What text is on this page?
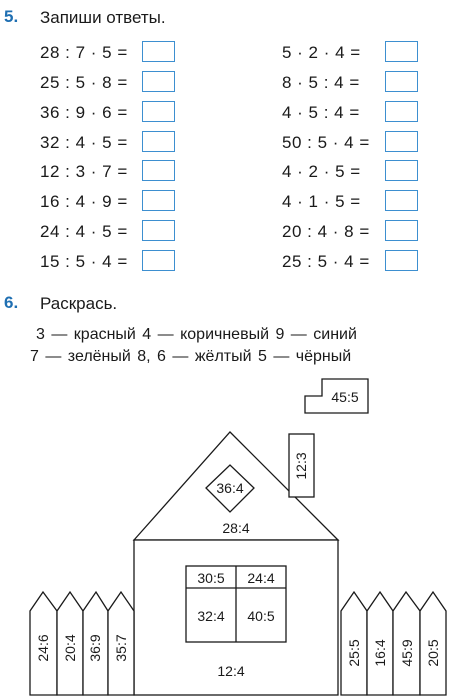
5. Запиши ответы.
28 : 7 · 5 =
25 : 5 · 8 =
36 : 9 · 6 =
32 : 4 · 5 =
12 : 3 · 7 =
16 : 4 · 9 =
24 : 4 · 5 =
15 : 5 · 4 =
5 · 2 · 4 =
8 · 5 : 4 =
4 · 5 : 4 =
50 : 5 · 4 =
4 · 2 · 5 =
4 · 1 · 5 =
20 : 4 · 8 =
25 : 5 · 4 =
6. Раскрась.
3 — красный 4 — коричневый 9 — синий
7 — зелёный 8, 6 — жёлтый 5 — чёрный
45:5
12:3
36:4
28:4
30:5 24:4
32:4 40:5
12:4
24:6 20:4 36:9 35:7	25:5 16:4 45:9 20:5
